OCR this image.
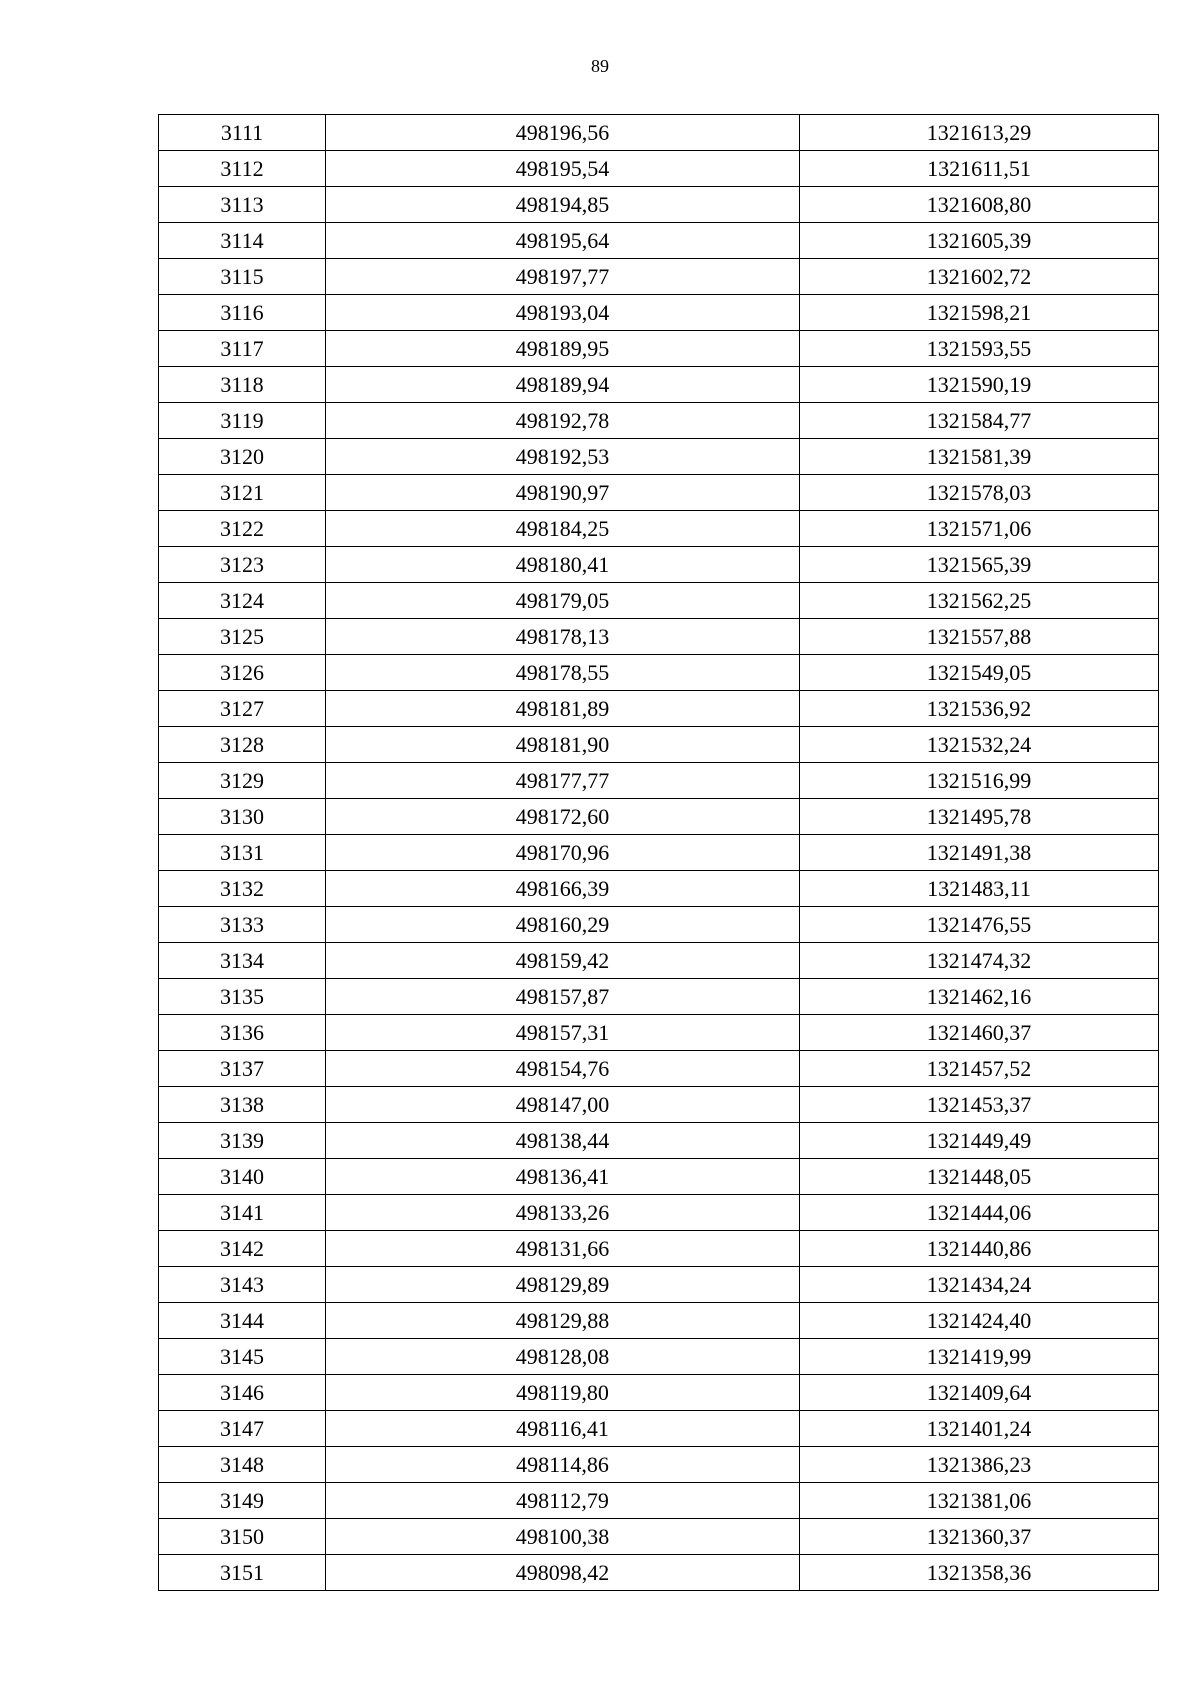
89
3111	498196,56	1321613,29
3112	498195,54	1321611,51
3113	498194,85	1321608,80
3114	498195,64	1321605,39
3115	498197,77	1321602,72
3116	498193,04	1321598,21
3117	498189,95	1321593,55
3118	498189,94	1321590,19
3119	498192,78	1321584,77
3120	498192,53	1321581,39
3121	498190,97	1321578,03
3122	498184,25	1321571,06
3123	498180,41	1321565,39
3124	498179,05	1321562,25
3125	498178,13	1321557,88
3126	498178,55	1321549,05
3127	498181,89	1321536,92
3128	498181,90	1321532,24
3129	498177,77	1321516,99
3130	498172,60	1321495,78
3131	498170,96	1321491,38
3132	498166,39	1321483,11
3133	498160,29	1321476,55
3134	498159,42	1321474,32
3135	498157,87	1321462,16
3136	498157,31	1321460,37
3137	498154,76	1321457,52
3138	498147,00	1321453,37
3139	498138,44	1321449,49
3140	498136,41	1321448,05
3141	498133,26	1321444,06
3142	498131,66	1321440,86
3143	498129,89	1321434,24
3144	498129,88	1321424,40
3145	498128,08	1321419,99
3146	498119,80	1321409,64
3147	498116,41	1321401,24
3148	498114,86	1321386,23
3149	498112,79	1321381,06
3150	498100,38	1321360,37
3151	498098,42	1321358,36
